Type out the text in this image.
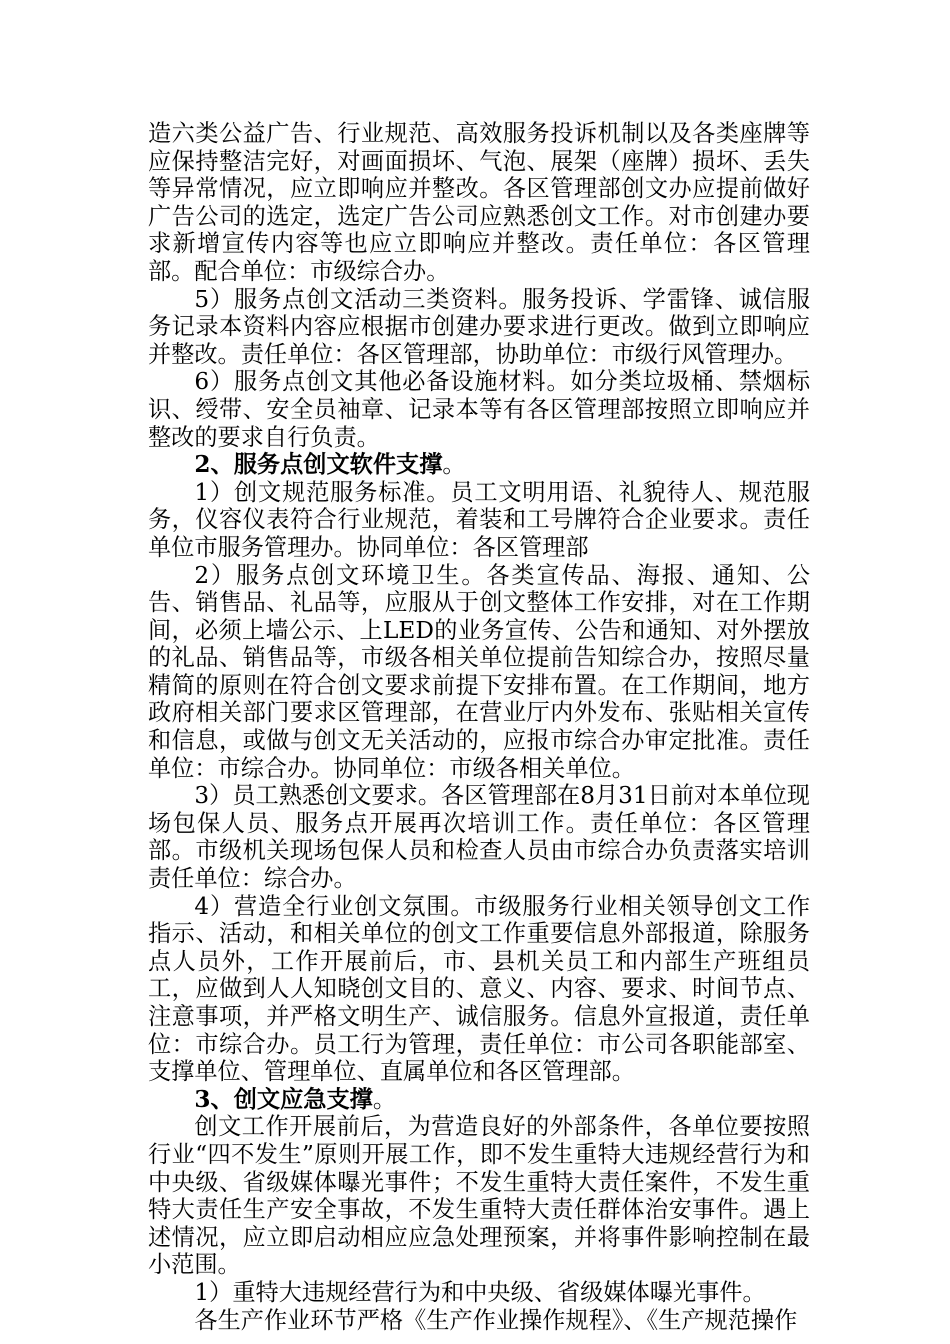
造六类公益广告、行业规范、高效服务投诉机制以及各类座牌等应保持整洁完好，对画面损坏、气泡、展架（座牌）损坏、丢失等异常情况，应立即响应并整改。各区管理部创文办应提前做好广告公司的选定，选定广告公司应熟悉创文工作。对市创建办要求新增宣传内容等也应立即响应并整改。责任单位：各区管理部。配合单位：市级综合办。

5）服务点创文活动三类资料。服务投诉、学雷锋、诚信服务记录本资料内容应根据市创建办要求进行更改。做到立即响应并整改。责任单位：各区管理部，协助单位：市级行风管理办。

6）服务点创文其他必备设施材料。如分类垃圾桶、禁烟标识、绶带、安全员袖章、记录本等有各区管理部按照立即响应并整改的要求自行负责。

2、服务点创文软件支撑。

1）创文规范服务标准。员工文明用语、礼貌待人、规范服务，仪容仪表符合行业规范，着装和工号牌符合企业要求。责任单位市服务管理办。协同单位：各区管理部

2）服务点创文环境卫生。各类宣传品、海报、通知、公告、销售品、礼品等，应服从于创文整体工作安排，对在工作期间，必须上墙公示、上LED的业务宣传、公告和通知、对外摆放的礼品、销售品等，市级各相关单位提前告知综合办，按照尽量精简的原则在符合创文要求前提下安排布置。在工作期间，地方政府相关部门要求区管理部，在营业厅内外发布、张贴相关宣传和信息，或做与创文无关活动的，应报市综合办审定批准。责任单位：市综合办。协同单位：市级各相关单位。

3）员工熟悉创文要求。各区管理部在8月31日前对本单位现场包保人员、服务点开展再次培训工作。责任单位：各区管理部。市级机关现场包保人员和检查人员由市综合办负责落实培训责任单位：综合办。

4）营造全行业创文氛围。市级服务行业相关领导创文工作指示、活动，和相关单位的创文工作重要信息外部报道，除服务点人员外，工作开展前后，市、县机关员工和内部生产班组员工，应做到人人知晓创文目的、意义、内容、要求、时间节点、注意事项，并严格文明生产、诚信服务。信息外宣报道，责任单位：市综合办。员工行为管理，责任单位：市公司各职能部室、支撑单位、管理单位、直属单位和各区管理部。

3、创文应急支撑。

创文工作开展前后，为营造良好的外部条件，各单位要按照行业“四不发生”原则开展工作，即不发生重特大违规经营行为和中央级、省级媒体曝光事件；不发生重特大责任案件，不发生重特大责任生产安全事故，不发生重特大责任群体治安事件。遇上述情况，应立即启动相应应急处理预案，并将事件影响控制在最小范围。

1）重特大违规经营行为和中央级、省级媒体曝光事件。

各生产作业环节严格《生产作业操作规程》、《生产规范操作
